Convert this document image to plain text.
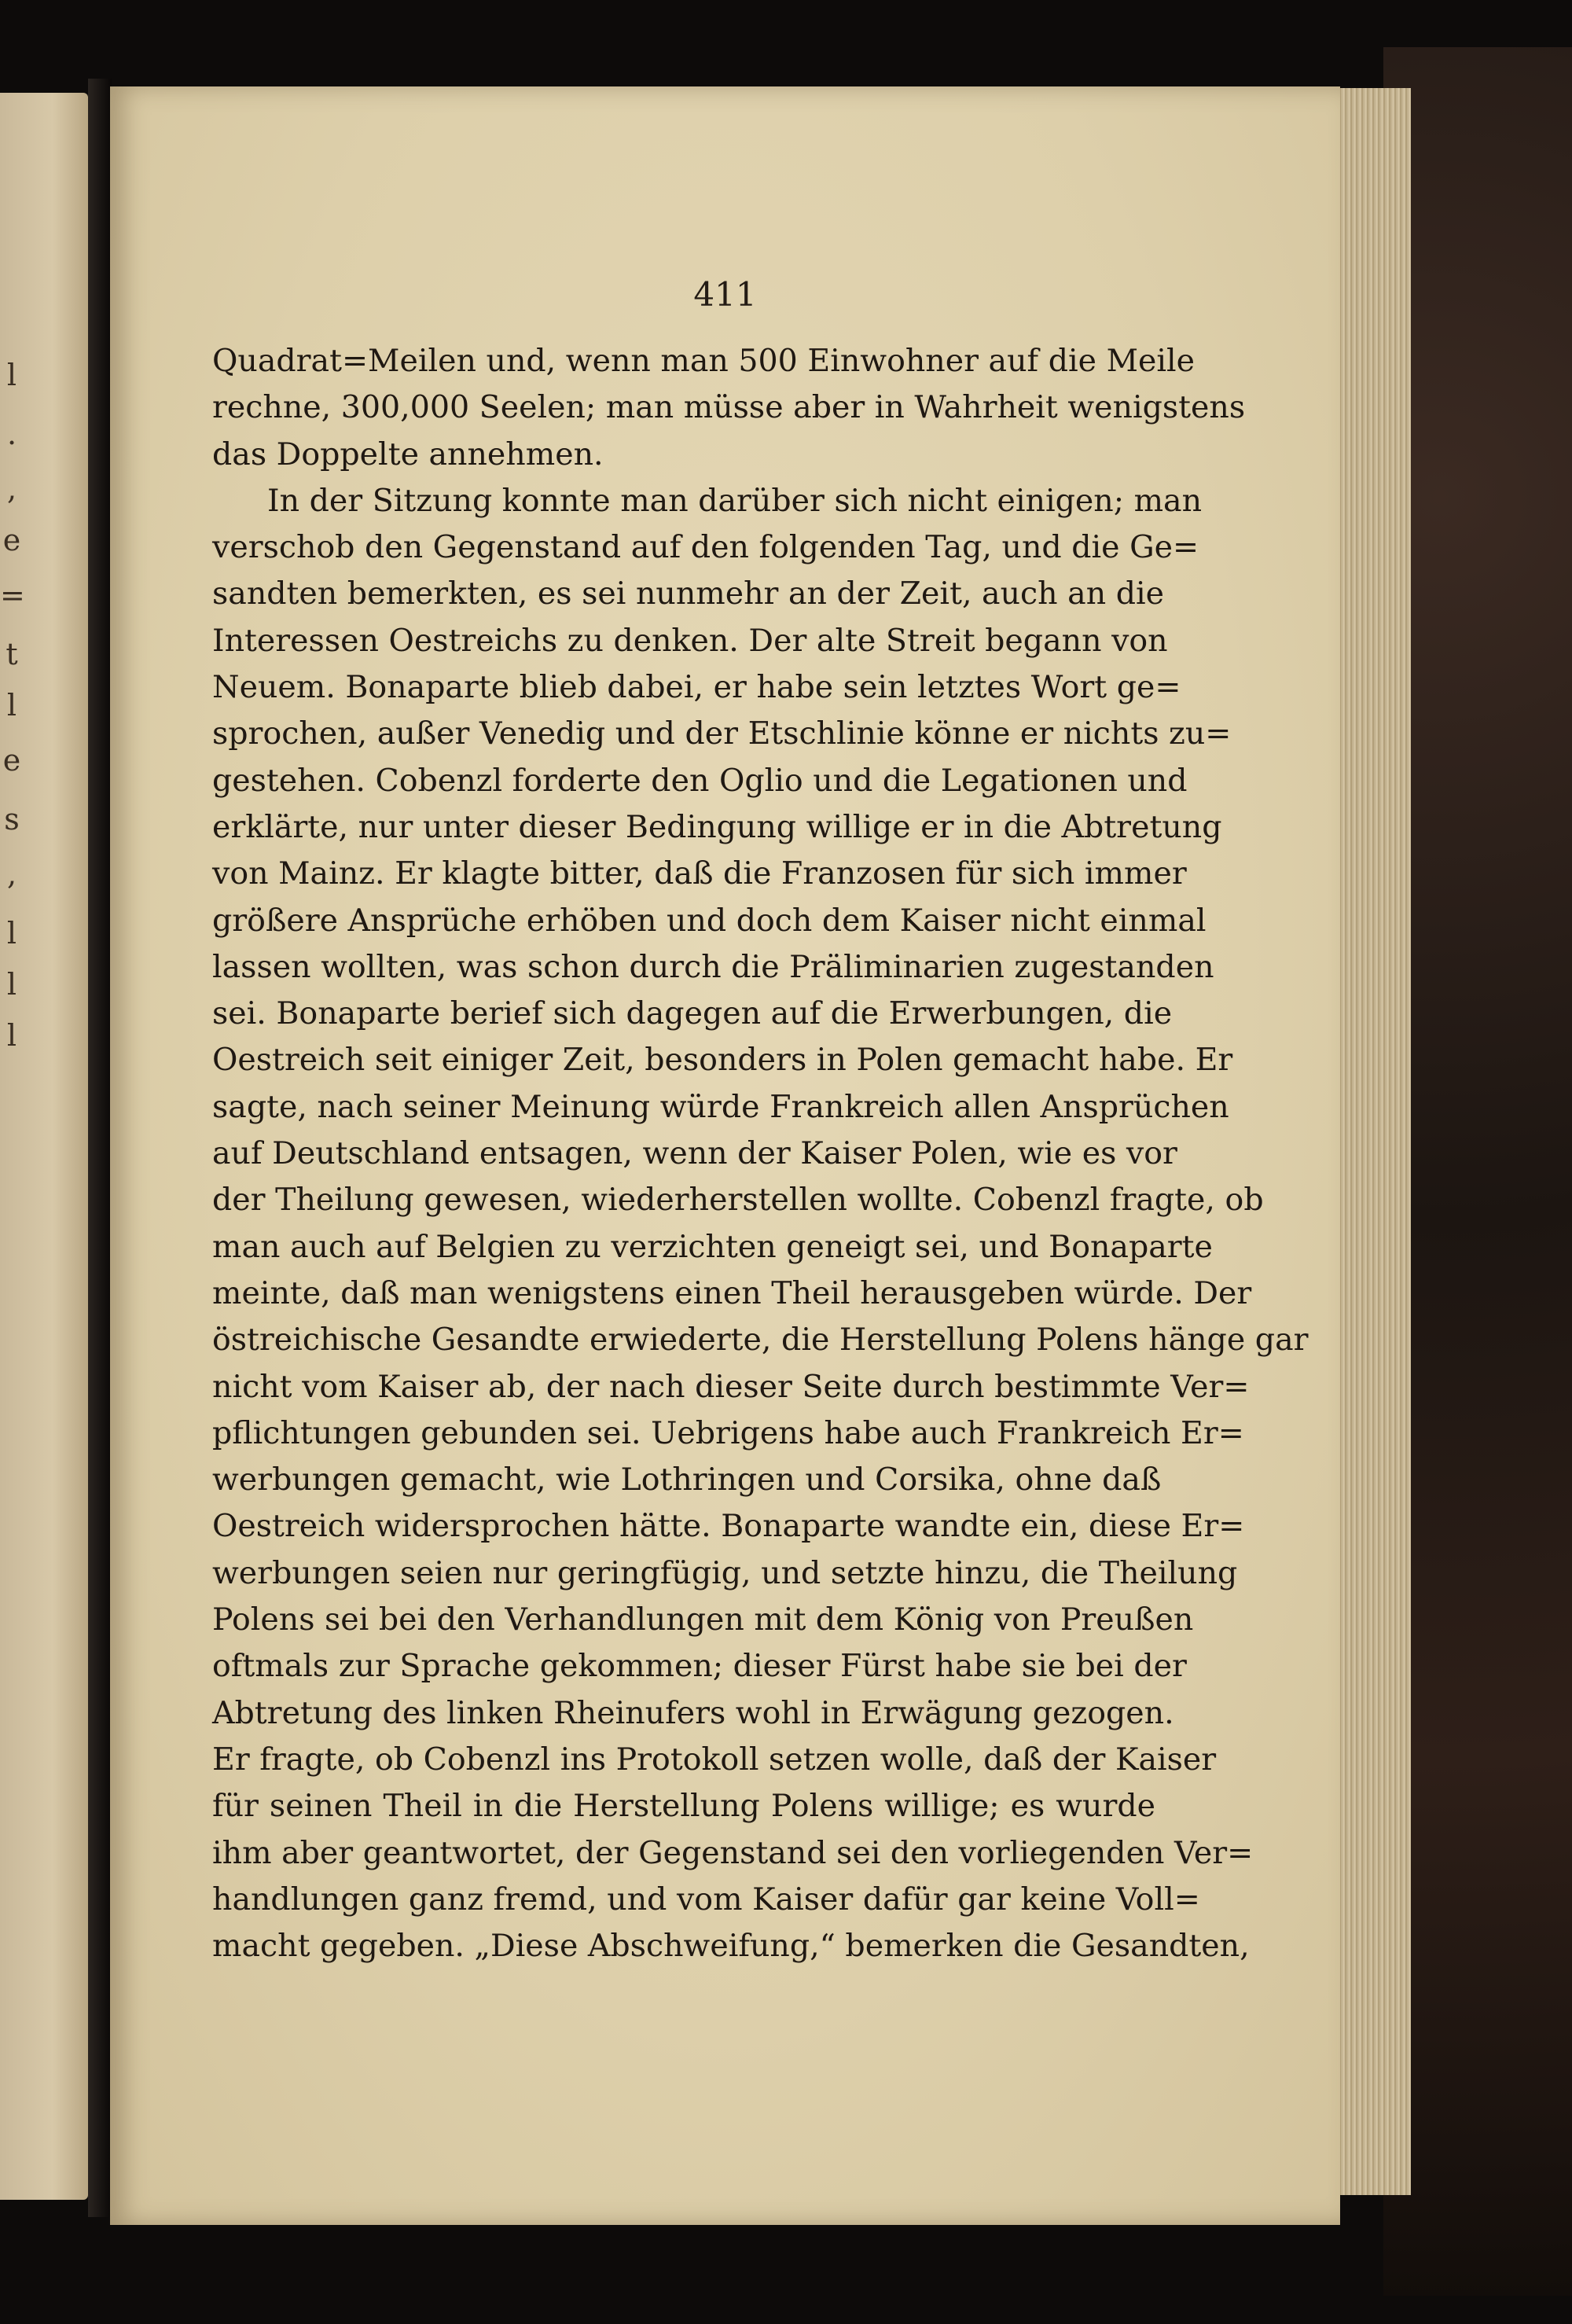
l
.
,
e
=
t
l
e
s
,
l
l
l
411
Quadrat=Meilen und, wenn man 500 Einwohner auf die Meile
rechne, 300,000 Seelen; man müsse aber in Wahrheit wenigstens
das Doppelte annehmen.
In der Sitzung konnte man darüber sich nicht einigen; man
verschob den Gegenstand auf den folgenden Tag, und die Ge=
sandten bemerkten, es sei nunmehr an der Zeit, auch an die
Interessen Oestreichs zu denken. Der alte Streit begann von
Neuem. Bonaparte blieb dabei, er habe sein letztes Wort ge=
sprochen, außer Venedig und der Etschlinie könne er nichts zu=
gestehen. Cobenzl forderte den Oglio und die Legationen und
erklärte, nur unter dieser Bedingung willige er in die Abtretung
von Mainz. Er klagte bitter, daß die Franzosen für sich immer
größere Ansprüche erhöben und doch dem Kaiser nicht einmal
lassen wollten, was schon durch die Präliminarien zugestanden
sei. Bonaparte berief sich dagegen auf die Erwerbungen, die
Oestreich seit einiger Zeit, besonders in Polen gemacht habe. Er
sagte, nach seiner Meinung würde Frankreich allen Ansprüchen
auf Deutschland entsagen, wenn der Kaiser Polen, wie es vor
der Theilung gewesen, wiederherstellen wollte. Cobenzl fragte, ob
man auch auf Belgien zu verzichten geneigt sei, und Bonaparte
meinte, daß man wenigstens einen Theil herausgeben würde. Der
östreichische Gesandte erwiederte, die Herstellung Polens hänge gar
nicht vom Kaiser ab, der nach dieser Seite durch bestimmte Ver=
pflichtungen gebunden sei. Uebrigens habe auch Frankreich Er=
werbungen gemacht, wie Lothringen und Corsika, ohne daß
Oestreich widersprochen hätte. Bonaparte wandte ein, diese Er=
werbungen seien nur geringfügig, und setzte hinzu, die Theilung
Polens sei bei den Verhandlungen mit dem König von Preußen
oftmals zur Sprache gekommen; dieser Fürst habe sie bei der
Abtretung des linken Rheinufers wohl in Erwägung gezogen.
Er fragte, ob Cobenzl ins Protokoll setzen wolle, daß der Kaiser
für seinen Theil in die Herstellung Polens willige; es wurde
ihm aber geantwortet, der Gegenstand sei den vorliegenden Ver=
handlungen ganz fremd, und vom Kaiser dafür gar keine Voll=
macht gegeben. „Diese Abschweifung,“ bemerken die Gesandten,
